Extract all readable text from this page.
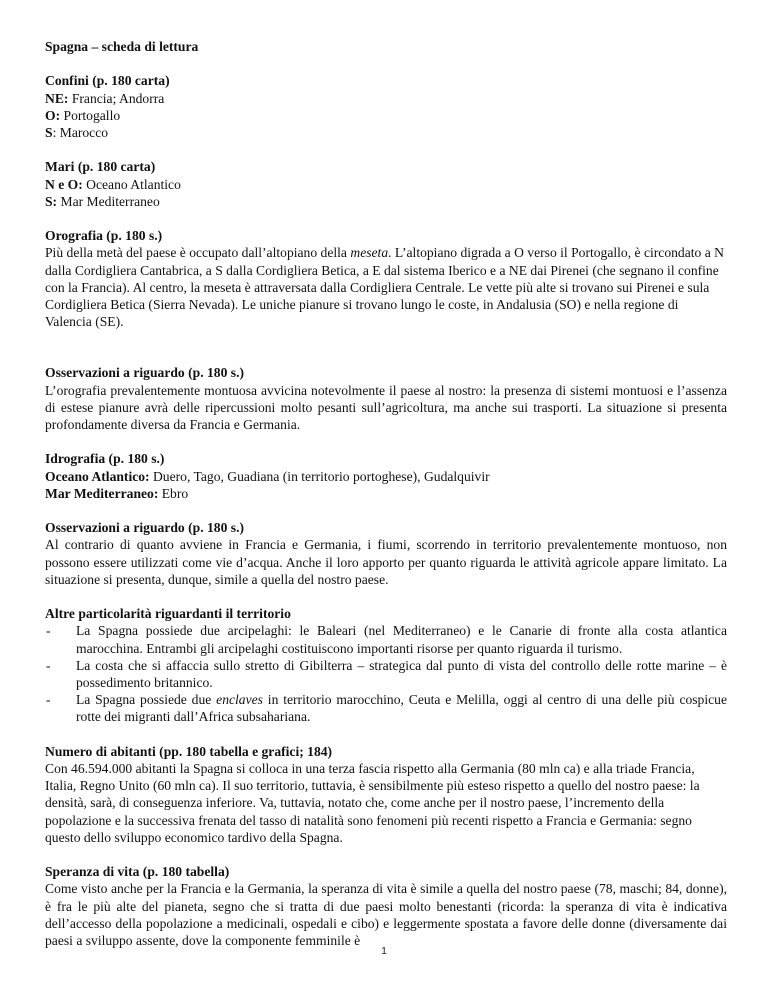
Spagna – scheda di lettura

Confini (p. 180 carta)

NE: Francia; Andorra

O: Portogallo

S: Marocco

Mari (p. 180 carta)

N e O: Oceano Atlantico

S: Mar Mediterraneo

Orografia (p. 180 s.)

Più della metà del paese è occupato dall’altopiano della meseta. L’altopiano digrada a O verso il Portogallo, è circondato a N dalla Cordigliera Cantabrica, a S dalla Cordigliera Betica, a E dal sistema Iberico e a NE dai Pirenei (che segnano il confine con la Francia). Al centro, la meseta è attraversata dalla Cordigliera Centrale. Le vette più alte si trovano sui Pirenei e sula Cordigliera Betica (Sierra Nevada). Le uniche pianure si trovano lungo le coste, in Andalusia (SO) e nella regione di Valencia (SE).

Osservazioni a riguardo (p. 180 s.)

L’orografia prevalentemente montuosa avvicina notevolmente il paese al nostro: la presenza di sistemi montuosi e l’assenza di estese pianure avrà delle ripercussioni molto pesanti sull’agricoltura, ma anche sui trasporti. La situazione si presenta profondamente diversa da Francia e Germania.

Idrografia (p. 180 s.)

Oceano Atlantico: Duero, Tago, Guadiana (in territorio portoghese), Gudalquivir

Mar Mediterraneo: Ebro

Osservazioni a riguardo (p. 180 s.)

Al contrario di quanto avviene in Francia e Germania, i fiumi, scorrendo in territorio prevalentemente montuoso, non possono essere utilizzati come vie d’acqua. Anche il loro apporto per quanto riguarda le attività agricole appare limitato. La situazione si presenta, dunque, simile a quella del nostro paese.

Altre particolarità riguardanti il territorio

- La Spagna possiede due arcipelaghi: le Baleari (nel Mediterraneo) e le Canarie di fronte alla costa atlantica marocchina. Entrambi gli arcipelaghi costituiscono importanti risorse per quanto riguarda il turismo.
- La costa che si affaccia sullo stretto di Gibilterra – strategica dal punto di vista del controllo delle rotte marine – è possedimento britannico.
- La Spagna possiede due enclaves in territorio marocchino, Ceuta e Melilla, oggi al centro di una delle più cospicue rotte dei migranti dall’Africa subsahariana.

Numero di abitanti (pp. 180 tabella e grafici; 184)

Con 46.594.000 abitanti la Spagna si colloca in una terza fascia rispetto alla Germania (80 mln ca) e alla triade Francia, Italia, Regno Unito (60 mln ca). Il suo territorio, tuttavia, è sensibilmente più esteso rispetto a quello del nostro paese: la densità, sarà, di conseguenza inferiore. Va, tuttavia, notato che, come anche per il nostro paese, l’incremento della popolazione e la successiva frenata del tasso di natalità sono fenomeni più recenti rispetto a Francia e Germania: segno questo dello sviluppo economico tardivo della Spagna.

Speranza di vita (p. 180 tabella)

Come visto anche per la Francia e la Germania, la speranza di vita è simile a quella del nostro paese (78, maschi; 84, donne), è fra le più alte del pianeta, segno che si tratta di due paesi molto benestanti (ricorda: la speranza di vita è indicativa dell’accesso della popolazione a medicinali, ospedali e cibo) e leggermente spostata a favore delle donne (diversamente dai paesi a sviluppo assente, dove la componente femminile è

1
